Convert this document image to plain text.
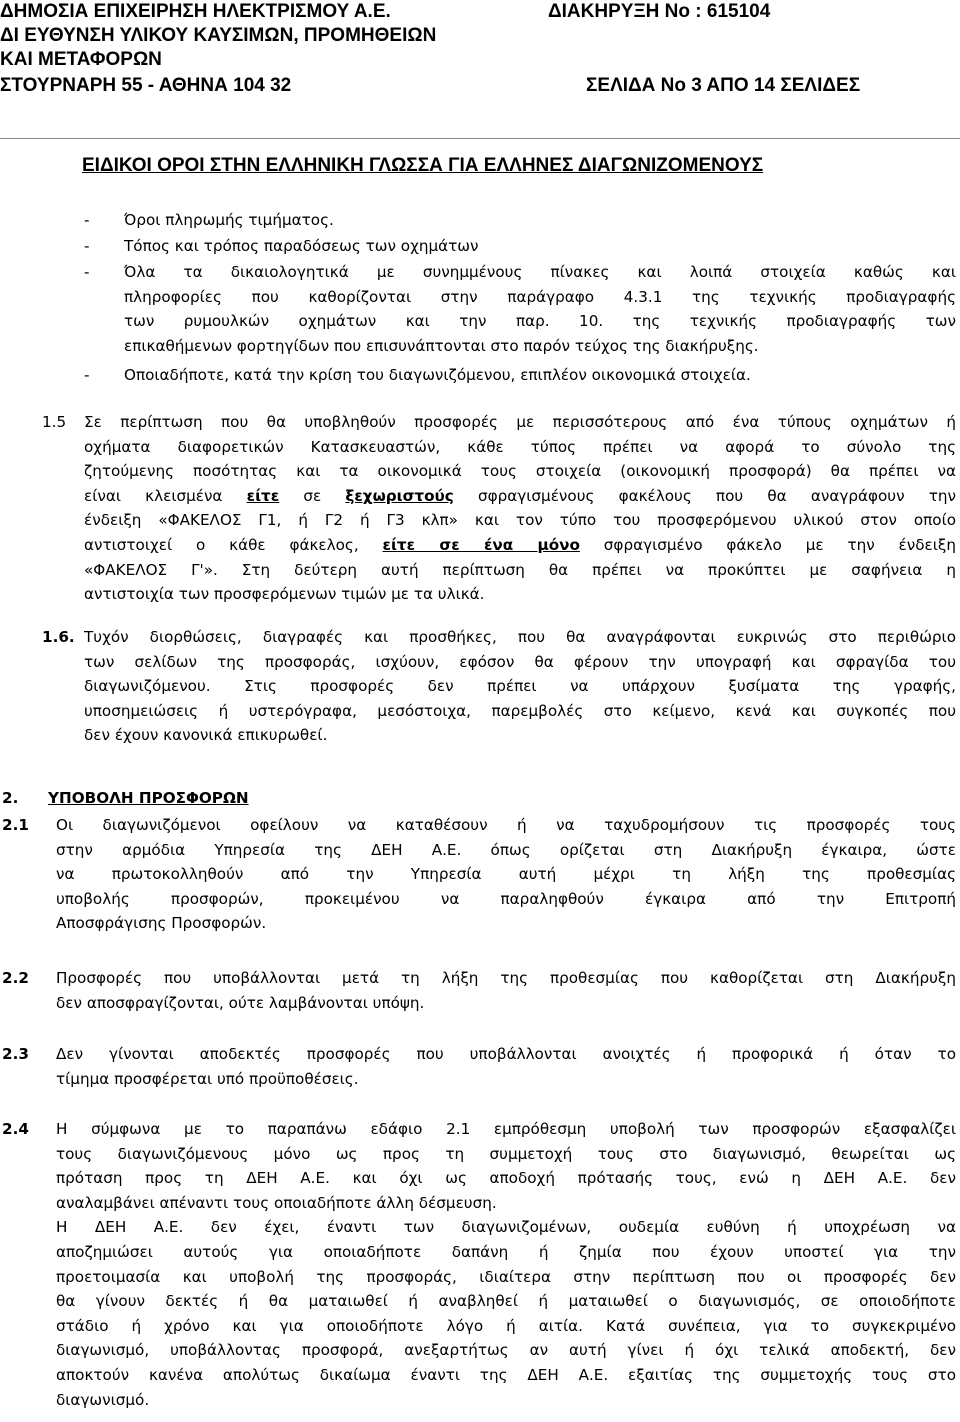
ΔΗΜΟΣΙΑ ΕΠΙΧΕΙΡΗΣΗ ΗΛΕΚΤΡΙΣΜΟΥ Α.Ε.	ΔΙΑΚΗΡΥΞΗ Νο : 615104
ΔΙ ΕΥΘΥΝΣΗ ΥΛΙΚΟΥ ΚΑΥΣΙΜΩΝ, ΠΡΟΜΗΘΕΙΩΝ
ΚΑΙ ΜΕΤΑΦΟΡΩΝ
ΣΤΟΥΡΝΑΡΗ 55 - ΑΘΗΝΑ 104 32	ΣΕΛΙΔΑ Νο 3 ΑΠΟ 14 ΣΕΛΙΔΕΣ
ΕΙΔΙΚΟΙ ΟΡΟΙ ΣΤΗΝ ΕΛΛΗΝΙΚΗ ΓΛΩΣΣΑ ΓΙΑ ΕΛΛΗΝΕΣ ΔΙΑΓΩΝΙΖΟΜΕΝΟΥΣ
- Όροι πληρωμής τιμήματος.
- Τόπος και τρόπος παραδόσεως των οχημάτων
- Όλα τα δικαιολογητικά με συνημμένους πίνακες και λοιπά στοιχεία καθώς και
πληροφορίες που καθορίζονται στην παράγραφο 4.3.1 της τεχνικής προδιαγραφής
των ρυμουλκών οχημάτων και την παρ. 10. της τεχνικής προδιαγραφής των
επικαθήμενων φορτηγίδων που επισυνάπτονται στο παρόν τεύχος της διακήρυξης.
- Οποιαδήποτε, κατά την κρίση του διαγωνιζόμενου, επιπλέον οικονομικά στοιχεία.
1.5 Σε περίπτωση που θα υποβληθούν προσφορές με περισσότερους από ένα τύπους οχημάτων ή
οχήματα διαφορετικών Κατασκευαστών, κάθε τύπος πρέπει να αφορά το σύνολο της
ζητούμενης ποσότητας και τα οικονομικά τους στοιχεία (οικονομική προσφορά) θα πρέπει να
είναι κλεισμένα είτε σε ξεχωριστούς σφραγισμένους φακέλους που θα αναγράφουν την
ένδειξη «ΦΑΚΕΛΟΣ Γ1, ή Γ2 ή Γ3 κλπ» και τον τύπο του προσφερόμενου υλικού στον οποίο
αντιστοιχεί ο κάθε φάκελος, είτε σε ένα μόνο σφραγισμένο φάκελο με την ένδειξη
«ΦΑΚΕΛΟΣ Γ'». Στη δεύτερη αυτή περίπτωση θα πρέπει να προκύπτει με σαφήνεια η
αντιστοιχία των προσφερόμενων τιμών με τα υλικά.
1.6. Τυχόν διορθώσεις, διαγραφές και προσθήκες, που θα αναγράφονται ευκρινώς στο περιθώριο
των σελίδων της προσφοράς, ισχύουν, εφόσον θα φέρουν την υπογραφή και σφραγίδα του
διαγωνιζόμενου. Στις προσφορές δεν πρέπει να υπάρχουν ξυσίματα της γραφής,
υποσημειώσεις ή υστερόγραφα, μεσόστοιχα, παρεμβολές στο κείμενο, κενά και συγκοπές που
δεν έχουν κανονικά επικυρωθεί.
2. ΥΠΟΒΟΛΗ ΠΡΟΣΦΟΡΩΝ
2.1 Οι διαγωνιζόμενοι οφείλουν να καταθέσουν ή να ταχυδρομήσουν τις προσφορές τους
στην αρμόδια Υπηρεσία της ΔΕΗ Α.Ε. όπως ορίζεται στη Διακήρυξη έγκαιρα, ώστε
να πρωτοκολληθούν από την Υπηρεσία αυτή μέχρι τη λήξη της προθεσμίας
υποβολής προσφορών, προκειμένου να παραληφθούν έγκαιρα από την Επιτροπή
Αποσφράγισης Προσφορών.
2.2 Προσφορές που υποβάλλονται μετά τη λήξη της προθεσμίας που καθορίζεται στη Διακήρυξη
δεν αποσφραγίζονται, ούτε λαμβάνονται υπόψη.
2.3 Δεν γίνονται αποδεκτές προσφορές που υποβάλλονται ανοιχτές ή προφορικά ή όταν το
τίμημα προσφέρεται υπό προϋποθέσεις.
2.4 Η σύμφωνα με το παραπάνω εδάφιο 2.1 εμπρόθεσμη υποβολή των προσφορών εξασφαλίζει
τους διαγωνιζόμενους μόνο ως προς τη συμμετοχή τους στο διαγωνισμό, θεωρείται ως
πρόταση προς τη ΔΕΗ Α.Ε. και όχι ως αποδοχή πρότασής τους, ενώ η ΔΕΗ Α.Ε. δεν
αναλαμβάνει απέναντι τους οποιαδήποτε άλλη δέσμευση.
Η ΔΕΗ Α.Ε. δεν έχει, έναντι των διαγωνιζομένων, ουδεμία ευθύνη ή υποχρέωση να
αποζημιώσει αυτούς για οποιαδήποτε δαπάνη ή ζημία που έχουν υποστεί για την
προετοιμασία και υποβολή της προσφοράς, ιδιαίτερα στην περίπτωση που οι προσφορές δεν
θα γίνουν δεκτές ή θα ματαιωθεί ή αναβληθεί ή ματαιωθεί ο διαγωνισμός, σε οποιοδήποτε
στάδιο ή χρόνο και για οποιοδήποτε λόγο ή αιτία. Κατά συνέπεια, για το συγκεκριμένο
διαγωνισμό, υποβάλλοντας προσφορά, ανεξαρτήτως αν αυτή γίνει ή όχι τελικά αποδεκτή, δεν
αποκτούν κανένα απολύτως δικαίωμα έναντι της ΔΕΗ Α.Ε. εξαιτίας της συμμετοχής τους στο
διαγωνισμό.
